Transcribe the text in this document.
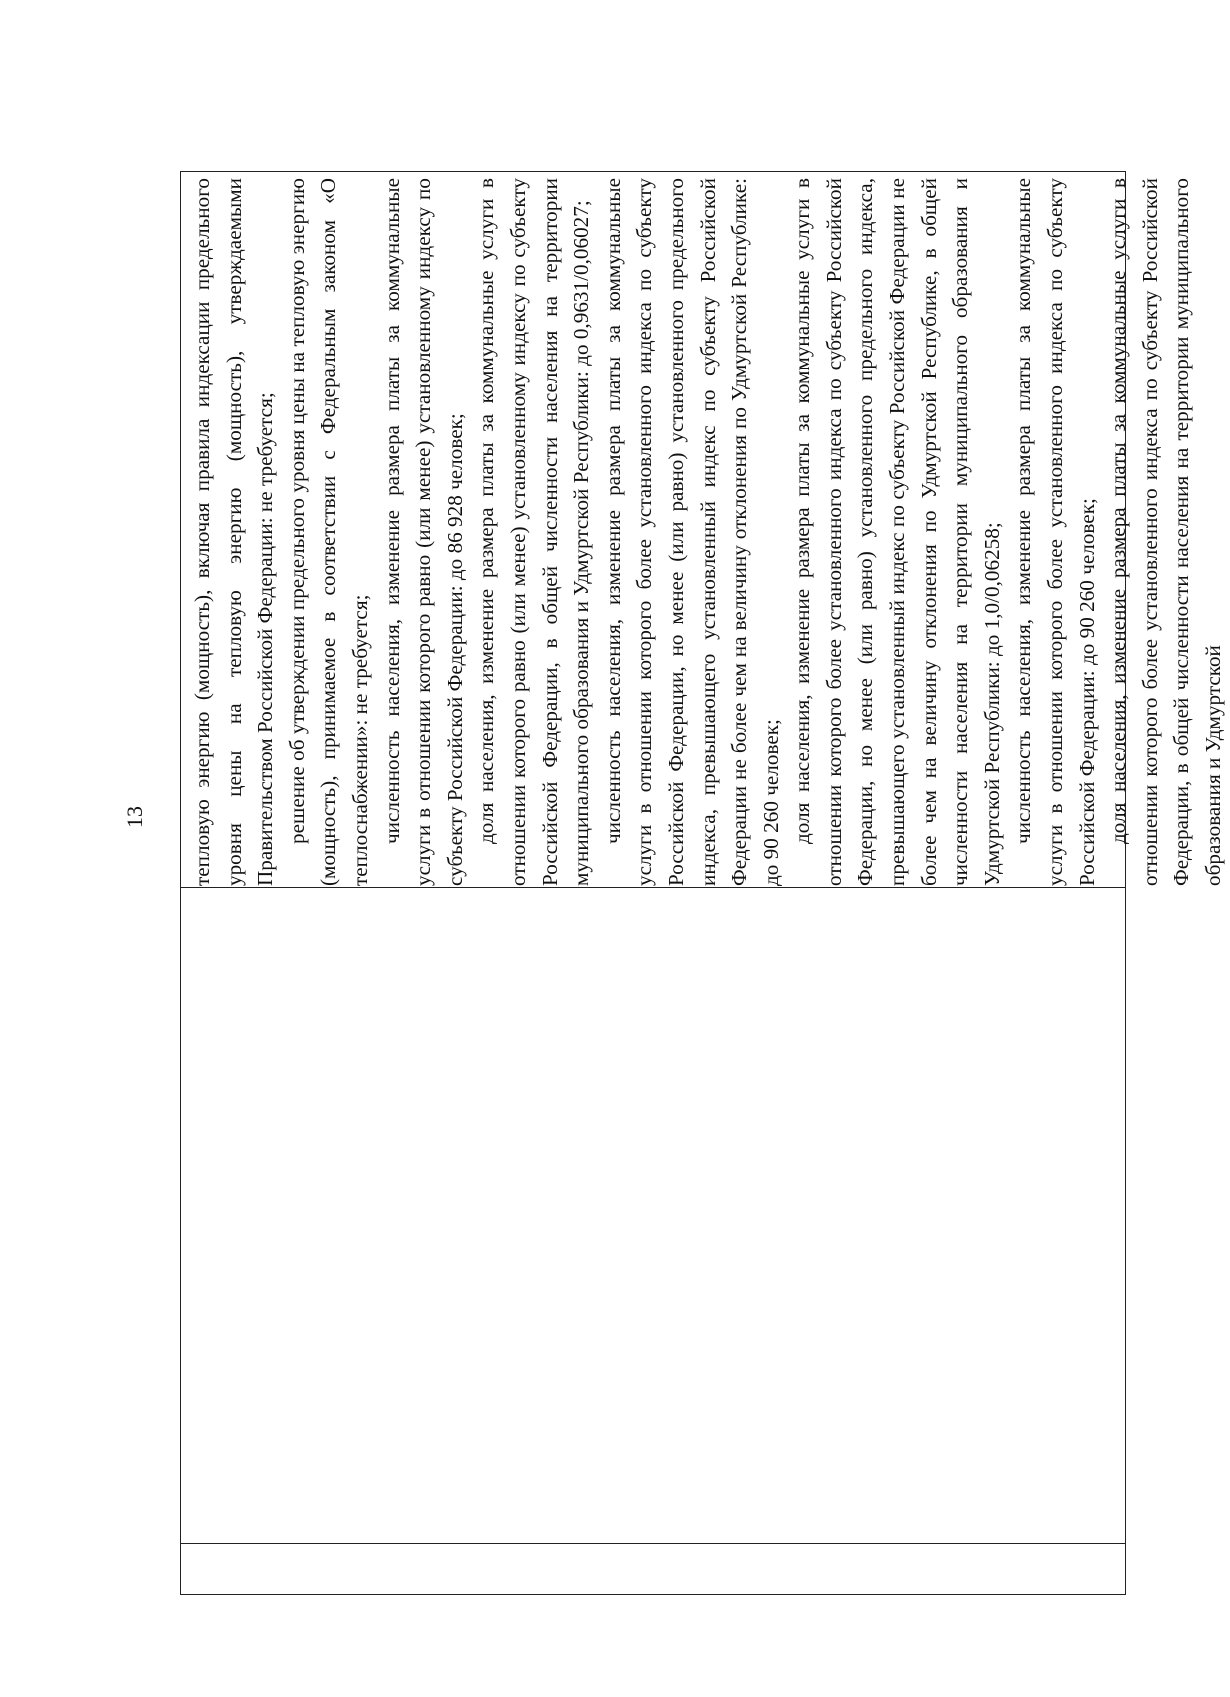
13 тепловую энергию (мощность), включая правила индексации предельного уровня цены на тепловую энергию (мощность), утверждаемыми Правительством Российской Федерации: не требуется; решение об утверждении предельного уровня цены на тепловую энергию (мощность), принимаемое в соответствии с Федеральным законом «О теплоснабжении»: не требуется; численность населения, изменение размера платы за коммунальные услуги в отношении которого равно (или менее) установленному индексу по субъекту Российской Федерации: до 86 928 человек; доля населения, изменение размера платы за коммунальные услуги в отношении которого равно (или менее) установленному индексу по субъекту Российской Федерации, в общей численности населения на территории муниципального образования и Удмуртской Республики: до 0,9631/0,06027; численность населения, изменение размера платы за коммунальные услуги в отношении которого более установленного индекса по субъекту Российской Федерации, но менее (или равно) установленного предельного индекса, превышающего установленный индекс по субъекту Российской Федерации не более чем на величину отклонения по Удмуртской Республике: до 90 260 человек; доля населения, изменение размера платы за коммунальные услуги в отношении которого более установленного индекса по субъекту Российской Федерации, но менее (или равно) установленного предельного индекса, превышающего установленный индекс по субъекту Российской Федерации не более чем на величину отклонения по Удмуртской Республике, в общей численности населения на территории муниципального образования и Удмуртской Республики: до 1,0/0,06258; численность населения, изменение размера платы за коммунальные услуги в отношении которого более установленного индекса по субъекту Российской Федерации: до 90 260 человек; доля населения, изменение размера платы за коммунальные услуги в отношении которого более установленного индекса по субъекту Российской Федерации, в общей численности населения на территории муниципального образования и Удмуртской
